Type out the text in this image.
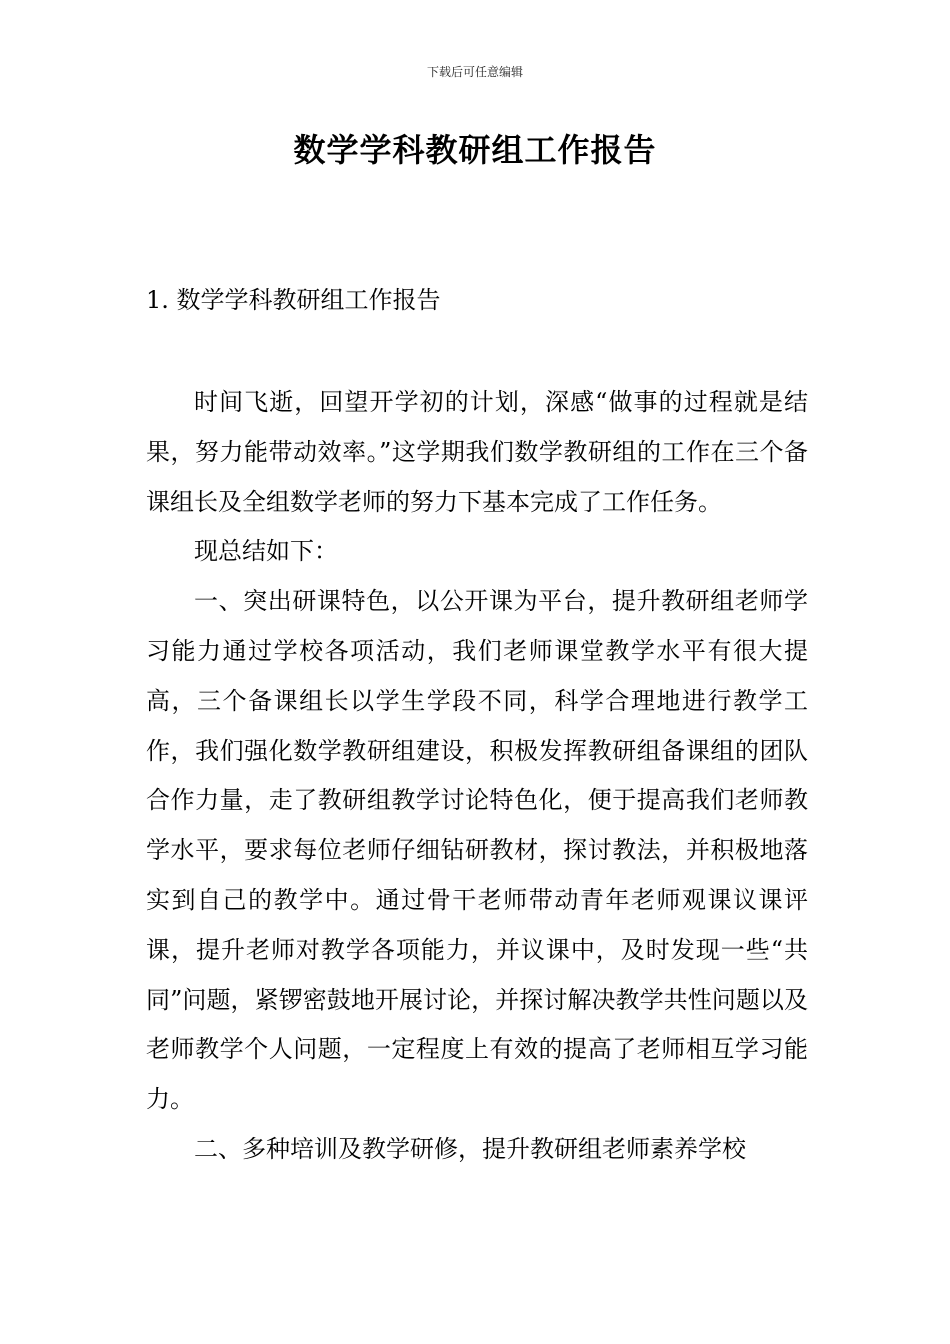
下载后可任意编辑
数学学科教研组工作报告
1. 数学学科教研组工作报告

时间飞逝，回望开学初的计划，深感“做事的过程就是结果，努力能带动效率。”这学期我们数学教研组的工作在三个备课组长及全组数学老师的努力下基本完成了工作任务。

现总结如下：

一、突出研课特色，以公开课为平台，提升教研组老师学习能力通过学校各项活动，我们老师课堂教学水平有很大提高，三个备课组长以学生学段不同，科学合理地进行教学工作，我们强化数学教研组建设，积极发挥教研组备课组的团队合作力量，走了教研组教学讨论特色化，便于提高我们老师教学水平，要求每位老师仔细钻研教材，探讨教法，并积极地落实到自己的教学中。通过骨干老师带动青年老师观课议课评课，提升老师对教学各项能力，并议课中，及时发现一些“共同”问题，紧锣密鼓地开展讨论，并探讨解决教学共性问题以及老师教学个人问题，一定程度上有效的提高了老师相互学习能力。

二、多种培训及教学研修，提升教研组老师素养学校
